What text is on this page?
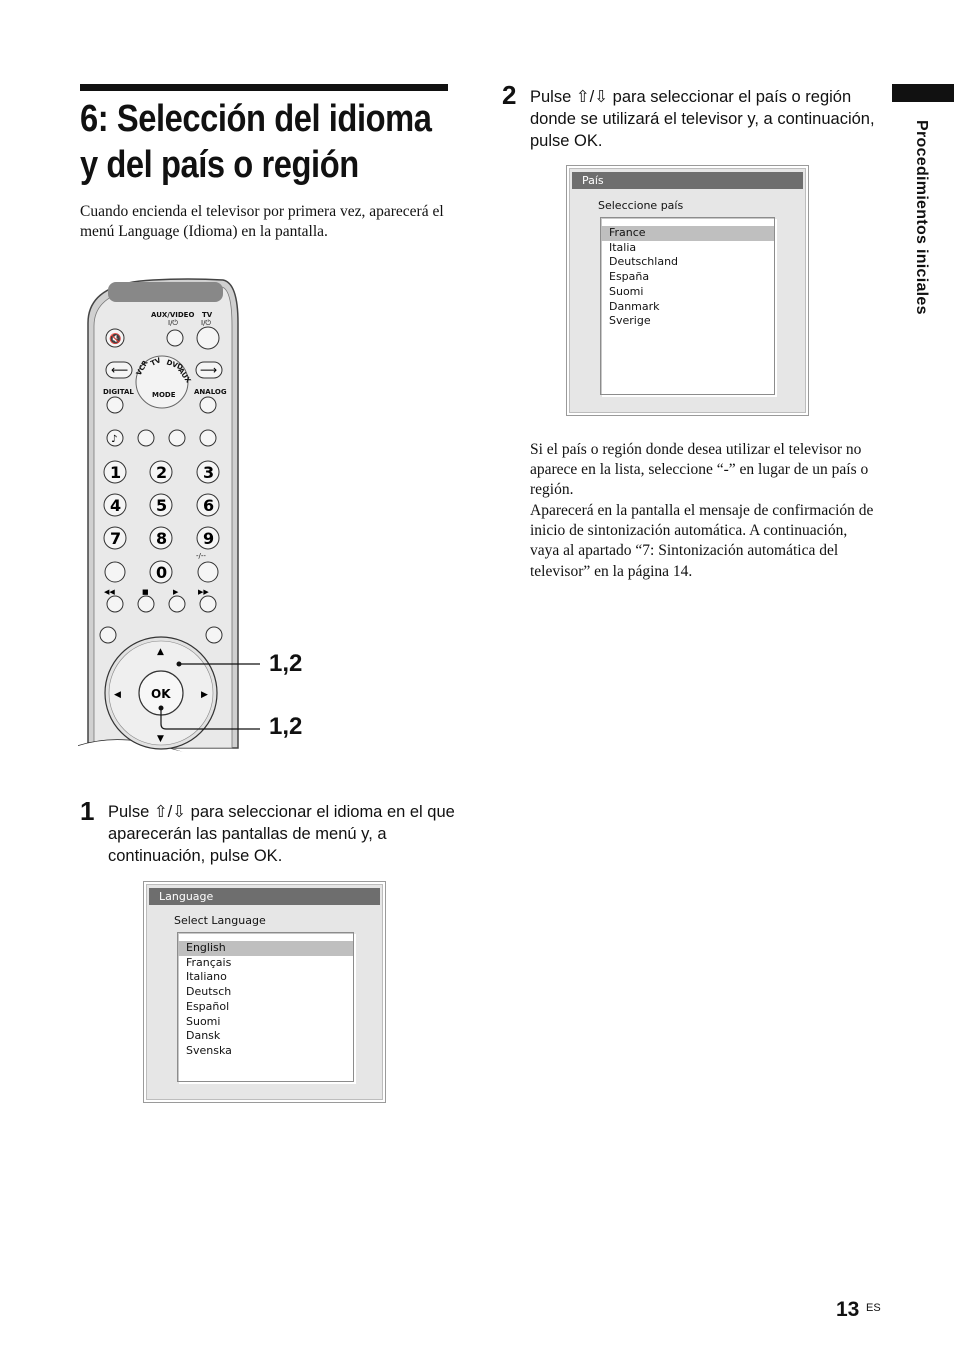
6: Selección del idioma
y del país o región
Cuando encienda el televisor por primera vez, aparecerá el menú Language (Idioma) en la pantalla.	Procedimientos iniciales
AUX/VIDEO TV
I/⏻	I/⏻
🔇
⟵	⟶
MODE
VCR TV DVD
AUX
DIGITAL	ANALOG
♪
1 2 3
4 5 6
7 8 9
0
-/--
◀◀	■	▶	▶▶
▲
▼
◀	▶
OK
1,2
1,2
1 Pulse ⇧/⇩ para seleccionar el idioma en el que aparecerán las pantallas de menú y, a continuación, pulse OK.
Language
Select Language
English
Français
Italiano
Deutsch
Español
Suomi
Dansk
Svenska
2 Pulse ⇧/⇩ para seleccionar el país o región donde se utilizará el televisor y, a continuación, pulse OK.
País
Seleccione país
France
Italia
Deutschland
España
Suomi
Danmark
Sverige
Si el país o región donde desea utilizar el televisor no aparece en la lista, seleccione “-” en lugar de un país o región.
Aparecerá en la pantalla el mensaje de confirmación de inicio de sintonización automática. A continuación, vaya al apartado “7: Sintonización automática del televisor” en la página 14.
13 ES
